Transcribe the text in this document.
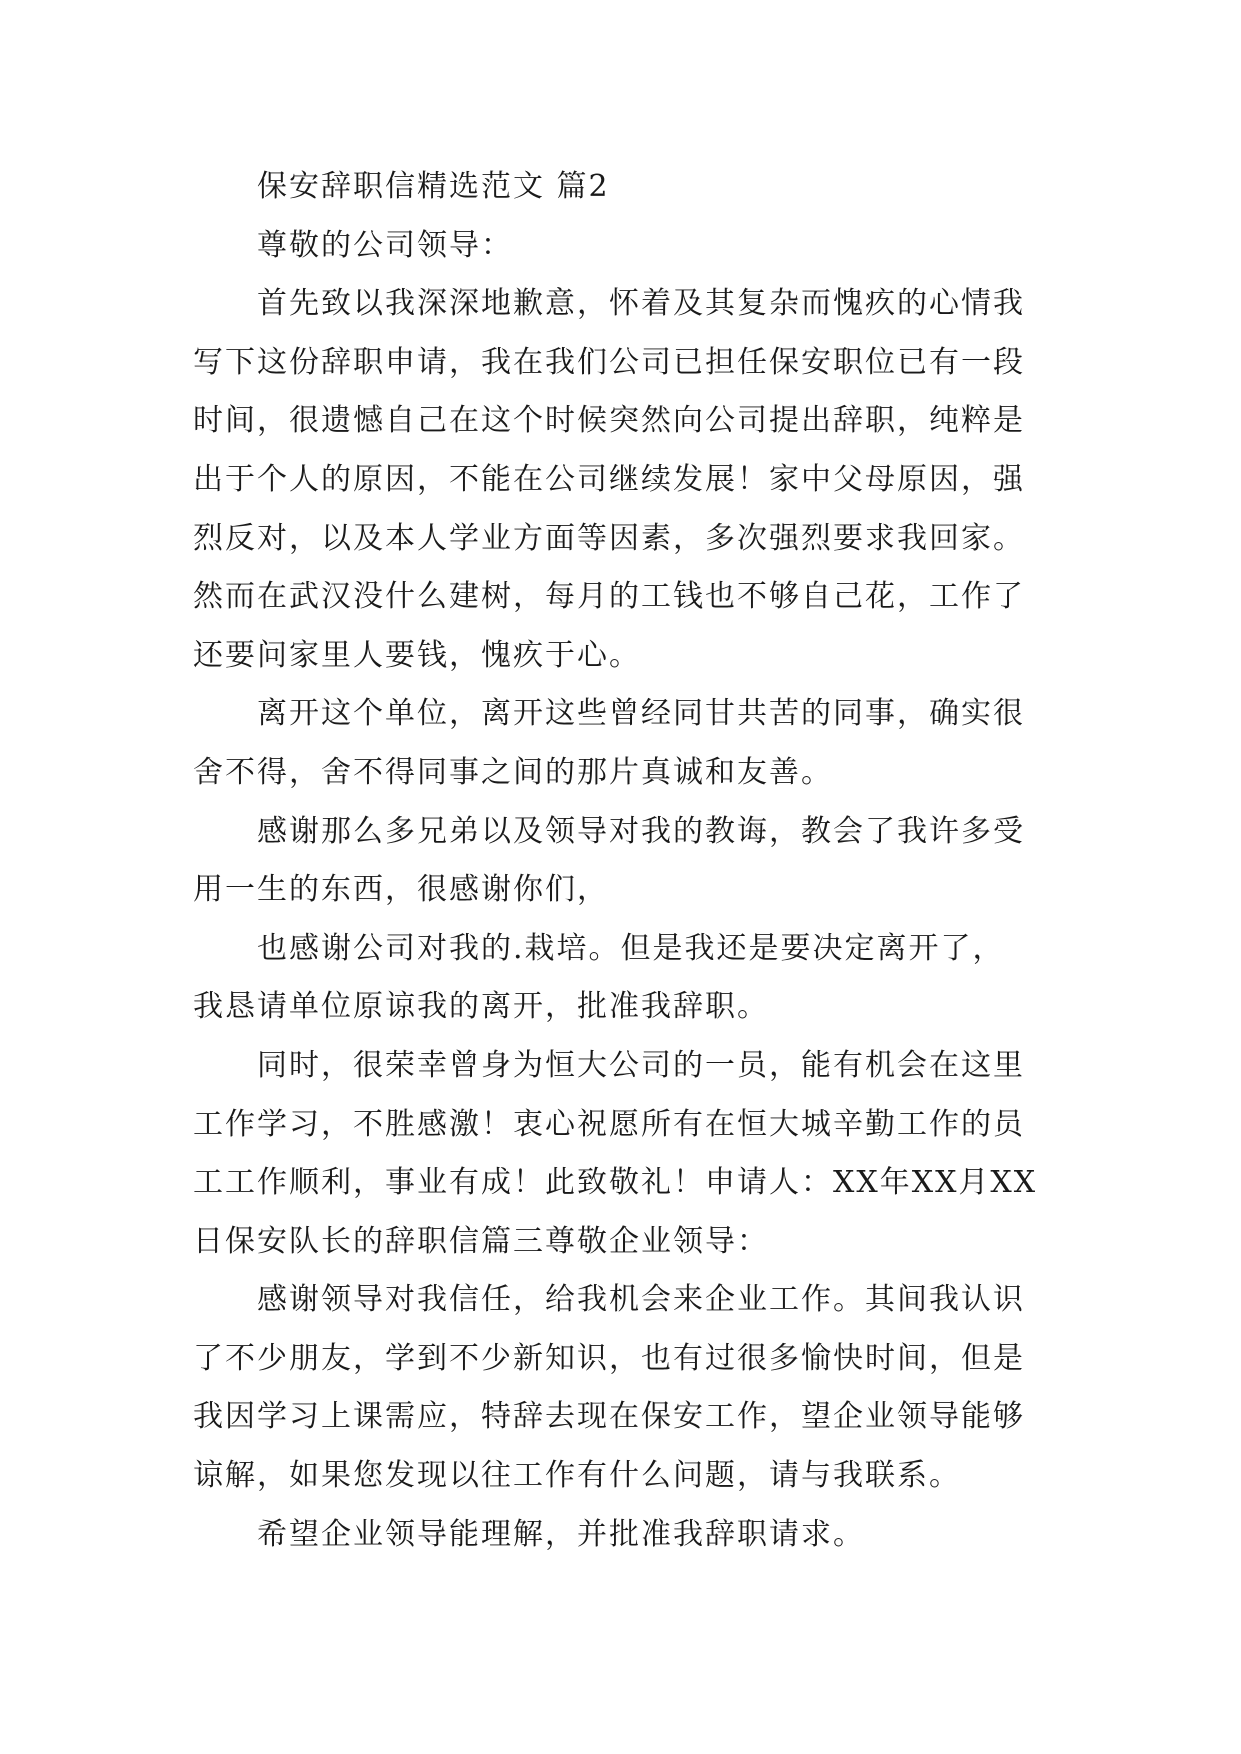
保安辞职信精选范文 篇2

尊敬的公司领导：

首先致以我深深地歉意，怀着及其复杂而愧疚的心情我
写下这份辞职申请，我在我们公司已担任保安职位已有一段
时间，很遗憾自己在这个时候突然向公司提出辞职，纯粹是
出于个人的原因，不能在公司继续发展！家中父母原因，强
烈反对，以及本人学业方面等因素，多次强烈要求我回家。
然而在武汉没什么建树，每月的工钱也不够自己花，工作了
还要问家里人要钱，愧疚于心。

离开这个单位，离开这些曾经同甘共苦的同事，确实很
舍不得，舍不得同事之间的那片真诚和友善。

感谢那么多兄弟以及领导对我的教诲，教会了我许多受
用一生的东西，很感谢你们，

也感谢公司对我的.栽培。但是我还是要决定离开了，
我恳请单位原谅我的离开，批准我辞职。

同时，很荣幸曾身为恒大公司的一员，能有机会在这里
工作学习，不胜感激！衷心祝愿所有在恒大城辛勤工作的员
工工作顺利，事业有成！此致敬礼！申请人：XX年XX月XX
日保安队长的辞职信篇三尊敬企业领导：

感谢领导对我信任，给我机会来企业工作。其间我认识
了不少朋友，学到不少新知识，也有过很多愉快时间，但是
我因学习上课需应，特辞去现在保安工作，望企业领导能够
谅解，如果您发现以往工作有什么问题，请与我联系。

希望企业领导能理解，并批准我辞职请求。
